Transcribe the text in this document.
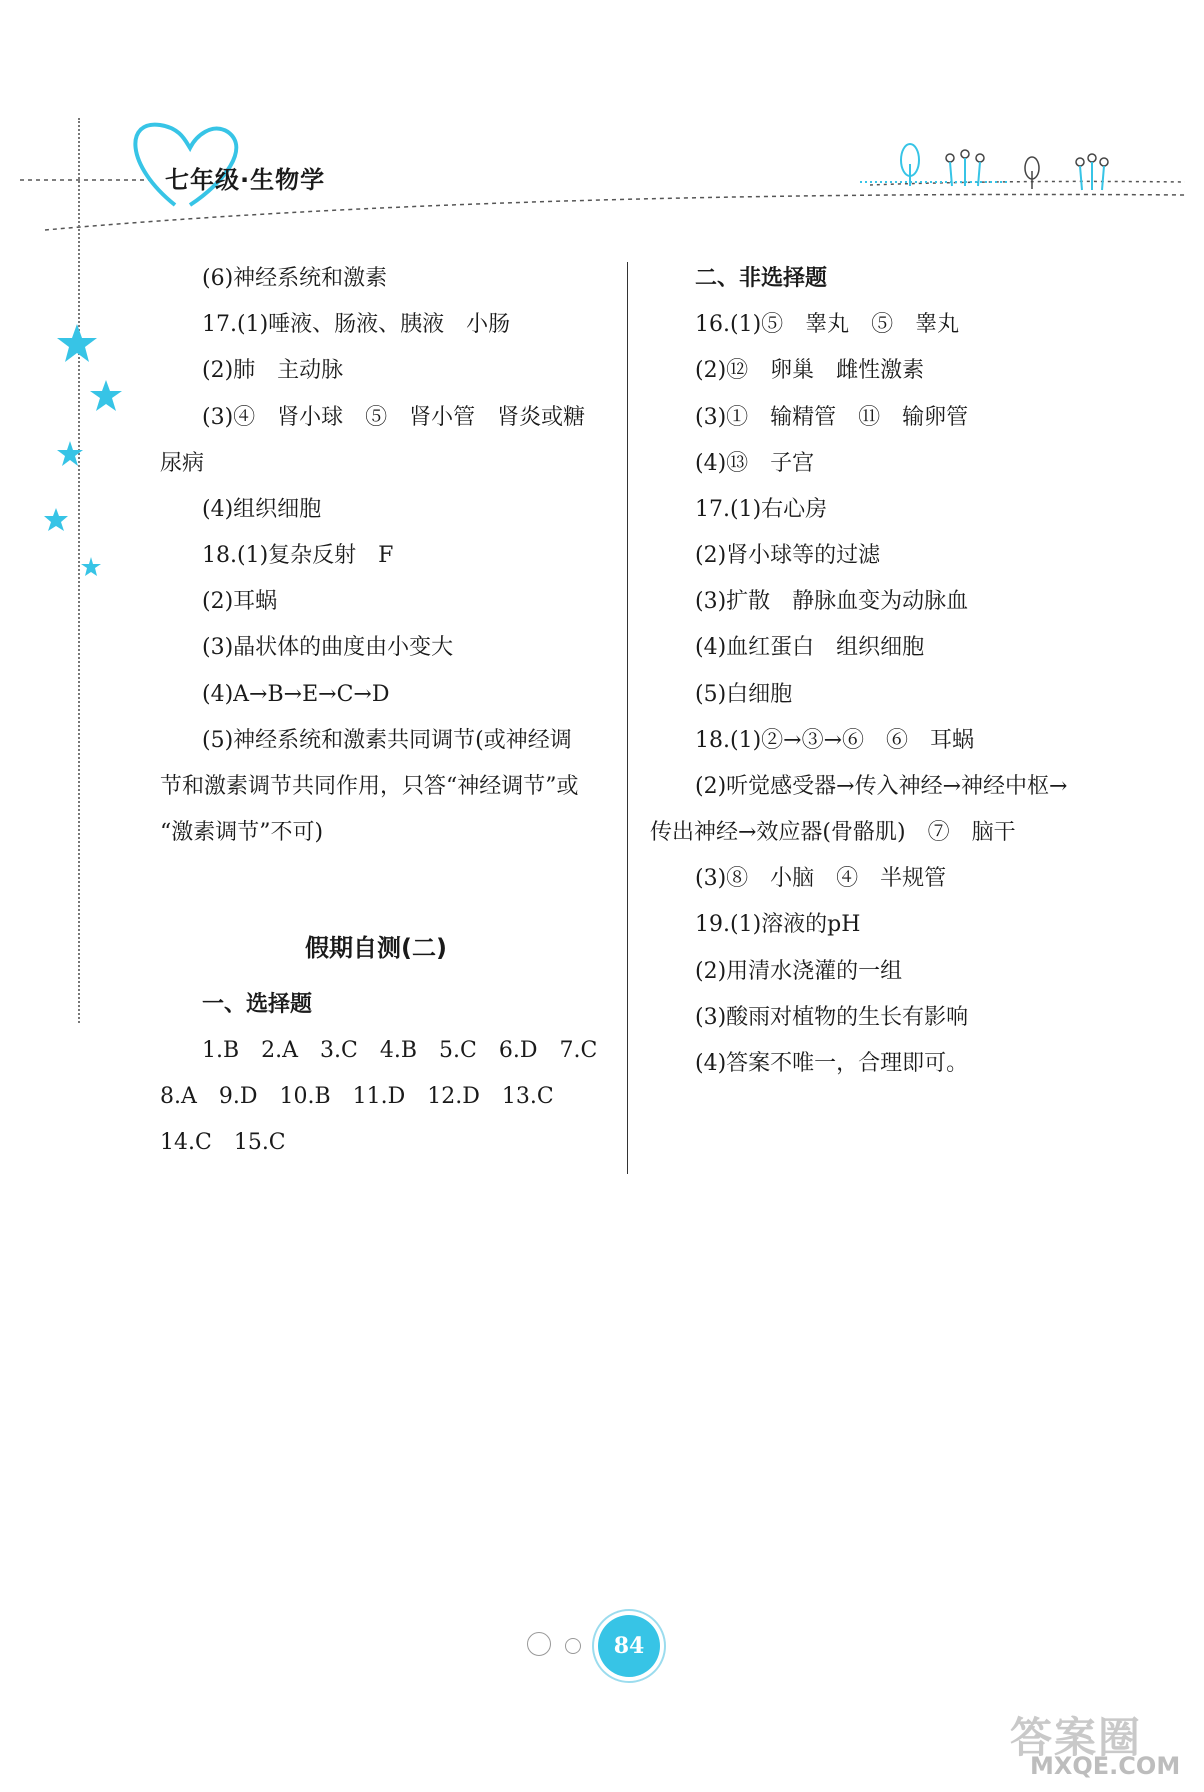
七年级·生物学
(6)神经系统和激素
17.(1)唾液、肠液、胰液　小肠
(2)肺　主动脉
(3)④　肾小球　⑤　肾小管　肾炎或糖
尿病
(4)组织细胞
18.(1)复杂反射　F
(2)耳蜗
(3)晶状体的曲度由小变大
(4)A→B→E→C→D
(5)神经系统和激素共同调节(或神经调
节和激素调节共同作用，只答“神经调节”或
“激素调节”不可)
一、选择题
1.B　2.A　3.C　4.B　5.C　6.D　7.C
8.A　9.D　10.B　11.D　12.D　13.C
14.C　15.C
假期自测(二)
二、非选择题
16.(1)⑤　睾丸　⑤　睾丸
(2)⑫　卵巢　雌性激素
(3)①　输精管　⑪　输卵管
(4)⑬　子宫
17.(1)右心房
(2)肾小球等的过滤
(3)扩散　静脉血变为动脉血
(4)血红蛋白　组织细胞
(5)白细胞
18.(1)②→③→⑥　⑥　耳蜗
(2)听觉感受器→传入神经→神经中枢→
传出神经→效应器(骨骼肌)　⑦　脑干
(3)⑧　小脑　④　半规管
19.(1)溶液的pH
(2)用清水浇灌的一组
(3)酸雨对植物的生长有影响
(4)答案不唯一，合理即可。
84
答案圈
MXQE.COM
